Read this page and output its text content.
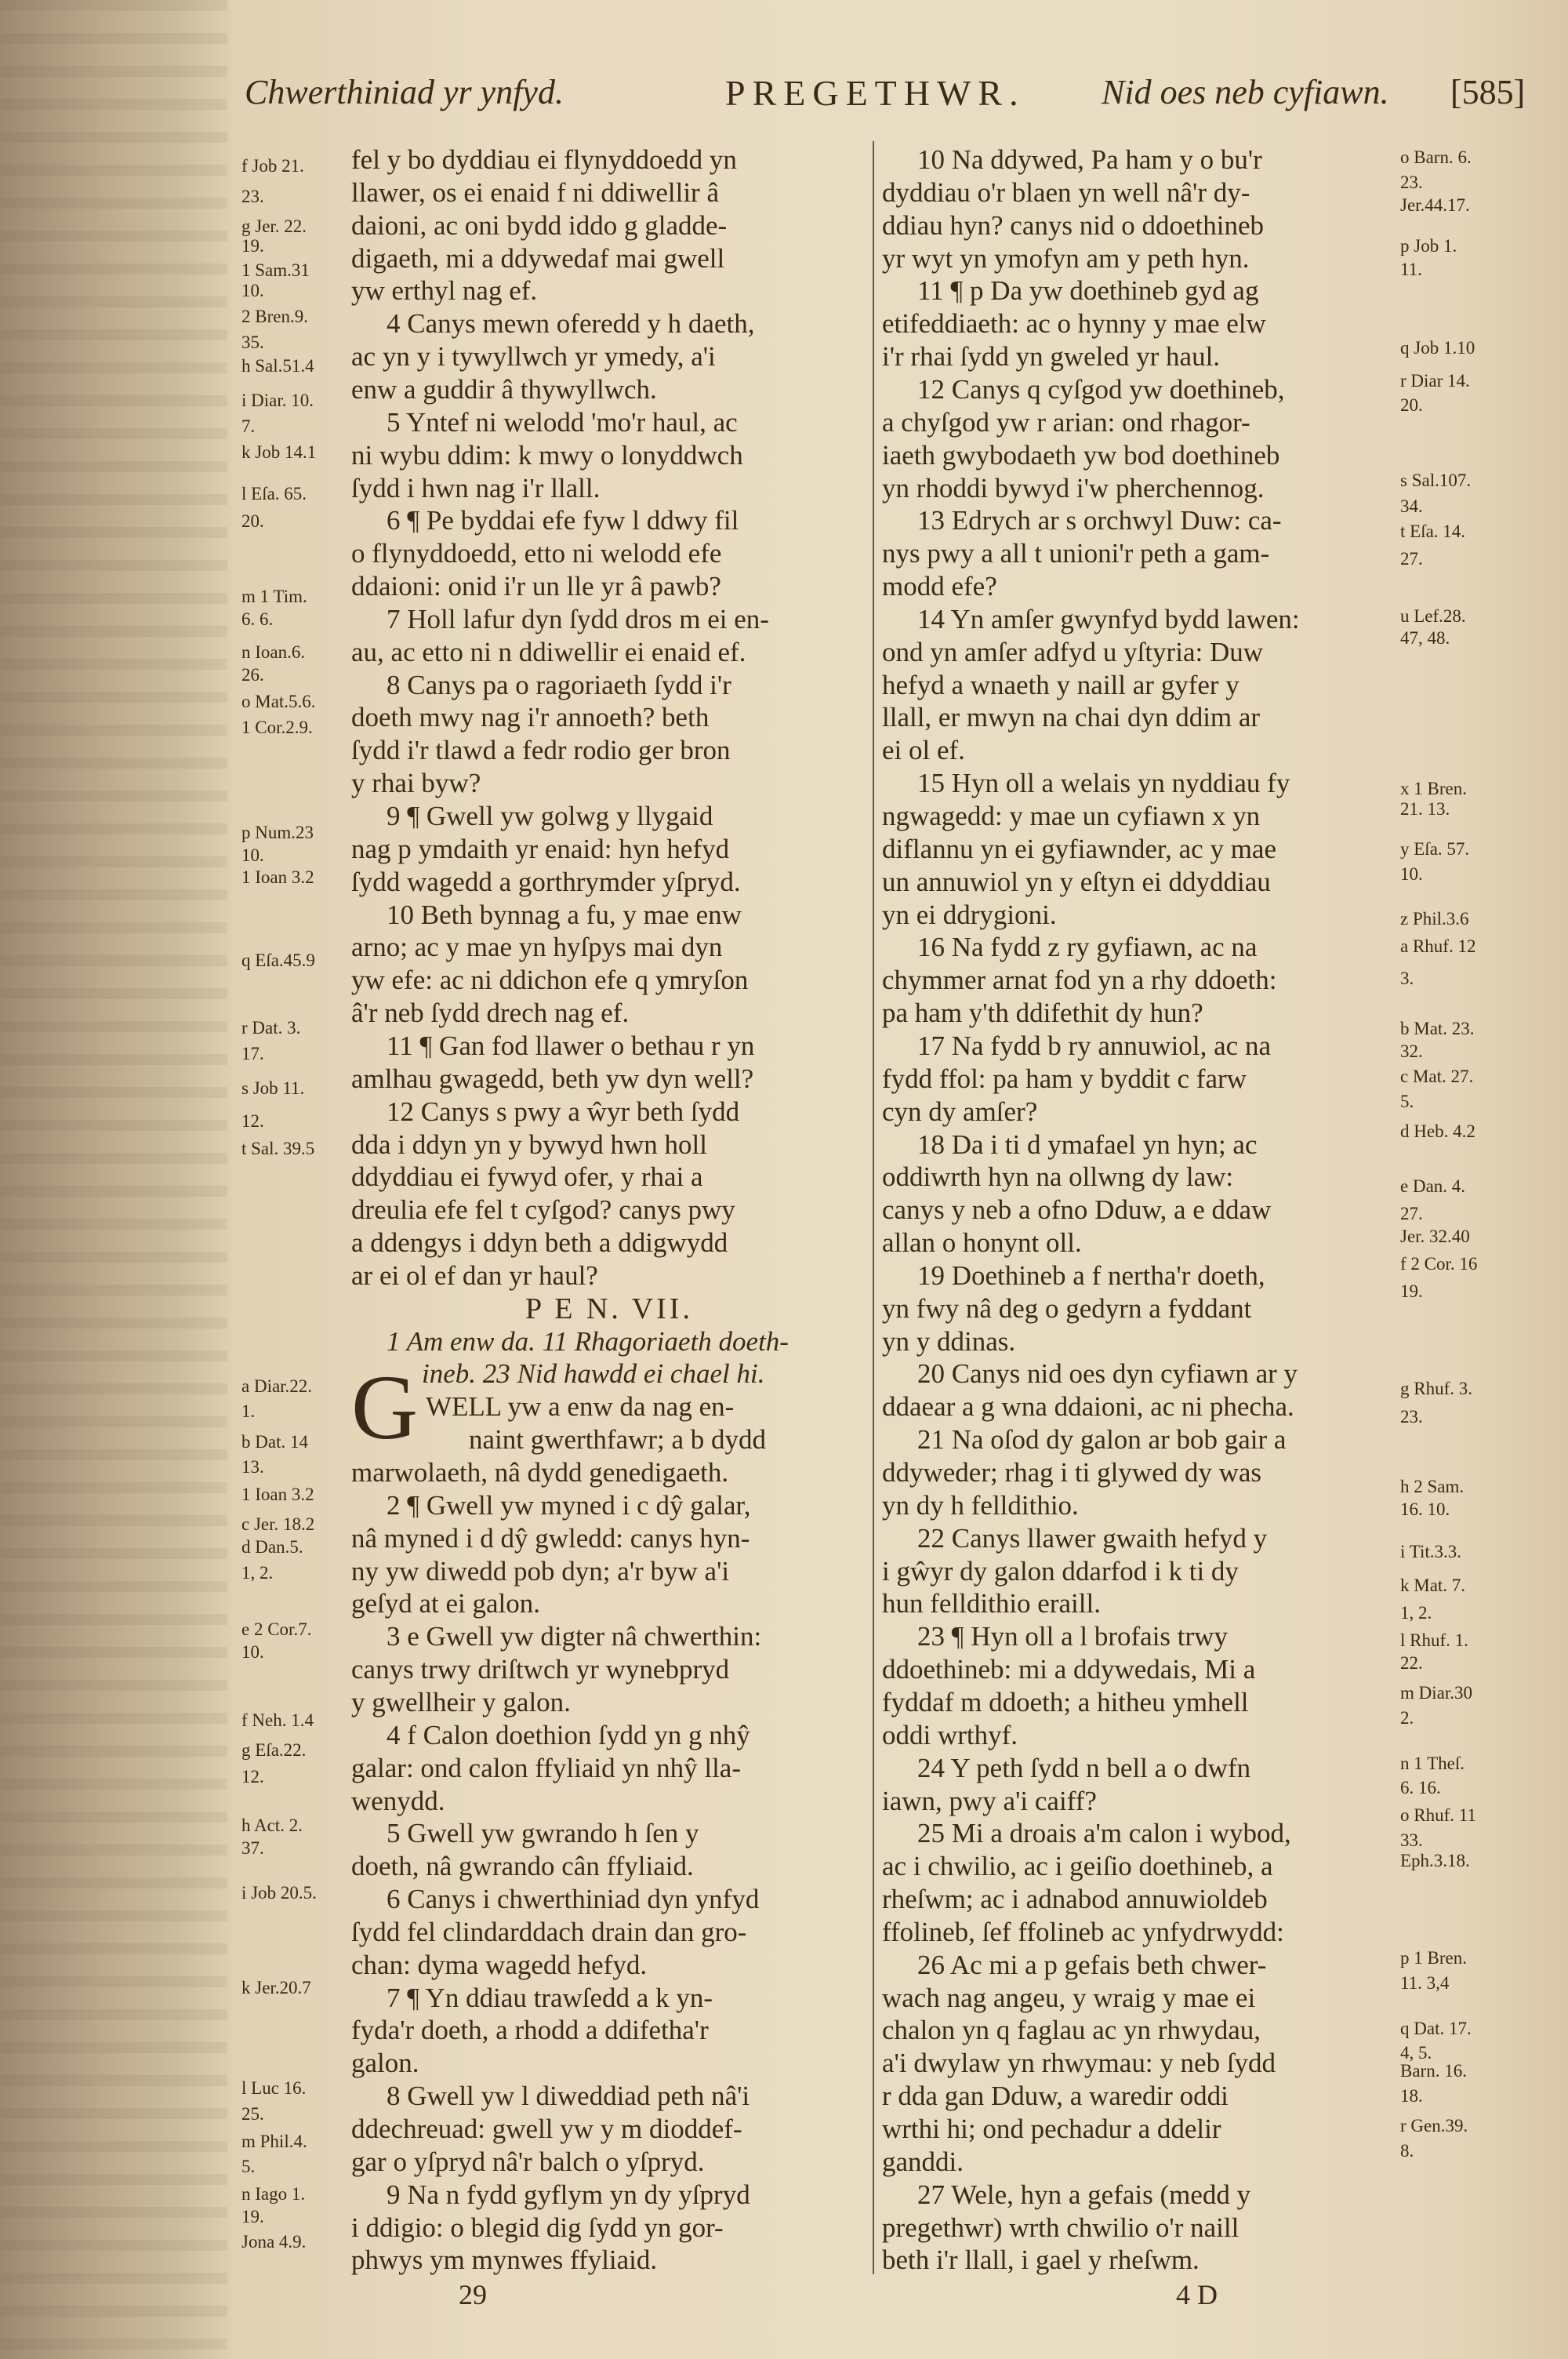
Chwerthiniad yr ynfyd.	PREGETHWR. Nid oes neb cyfiawn. [585]
fel y bo dyddiau ei flynyddoedd yn
llawer, os ei enaid f ni ddiwellir â
daioni, ac oni bydd iddo g gladde-
digaeth, mi a ddywedaf mai gwell
yw erthyl nag ef.
4 Canys mewn oferedd y h daeth,
ac yn y i tywyllwch yr ymedy, a'i
enw a guddir â thywyllwch.
5 Yntef ni welodd 'mo'r haul, ac
ni wybu ddim: k mwy o lonyddwch
ſydd i hwn nag i'r llall.
6 ¶ Pe byddai efe fyw l ddwy fil
o flynyddoedd, etto ni welodd efe
ddaioni: onid i'r un lle yr â pawb?
7 Holl lafur dyn ſydd dros m ei en-
au, ac etto ni n ddiwellir ei enaid ef.
8 Canys pa o ragoriaeth ſydd i'r
doeth mwy nag i'r annoeth? beth
ſydd i'r tlawd a fedr rodio ger bron
y rhai byw?
9 ¶ Gwell yw golwg y llygaid
nag p ymdaith yr enaid: hyn hefyd
ſydd wagedd a gorthrymder yſpryd.
10 Beth bynnag a fu, y mae enw
arno; ac y mae yn hyſpys mai dyn
yw efe: ac ni ddichon efe q ymryſon
â'r neb ſydd drech nag ef.
11 ¶ Gan fod llawer o bethau r yn
amlhau gwagedd, beth yw dyn well?
12 Canys s pwy a ŵyr beth ſydd
dda i ddyn yn y bywyd hwn holl
ddyddiau ei fywyd ofer, y rhai a
dreulia efe fel t cyſgod? canys pwy
a ddengys i ddyn beth a ddigwydd
ar ei ol ef dan yr haul?
P E N. VII.
1 Am enw da. 11 Rhagoriaeth doeth-
ineb. 23 Nid hawdd ei chael hi.
WELL yw a enw da nag en-
naint gwerthfawr; a b dydd
marwolaeth, nâ dydd genedigaeth.
2 ¶ Gwell yw myned i c dŷ galar,
nâ myned i d dŷ gwledd: canys hyn-
ny yw diwedd pob dyn; a'r byw a'i
geſyd at ei galon.
3 e Gwell yw digter nâ chwerthin:
canys trwy driſtwch yr wynebpryd
y gwellheir y galon.
4 f Calon doethion ſydd yn g nhŷ
galar: ond calon ffyliaid yn nhŷ lla-
wenydd.
5 Gwell yw gwrando h ſen y
doeth, nâ gwrando cân ffyliaid.
6 Canys i chwerthiniad dyn ynfyd
ſydd fel clindarddach drain dan gro-
chan: dyma wagedd hefyd.
7 ¶ Yn ddiau trawſedd a k yn-
fyda'r doeth, a rhodd a ddifetha'r
galon.
8 Gwell yw l diweddiad peth nâ'i
ddechreuad: gwell yw y m dioddef-
gar o yſpryd nâ'r balch o yſpryd.
9 Na n fydd gyflym yn dy yſpryd
i ddigio: o blegid dig ſydd yn gor-
phwys ym mynwes ffyliaid.
f Job 21.
23.
g Jer. 22.
19.
1 Sam.31
10.
2 Bren.9.
35.
h Sal.51.4
i Diar. 10.
7.
k Job 14.1
l Eſa. 65.
20.
m 1 Tim.
6. 6.
n Ioan.6.
26.
o Mat.5.6.
1 Cor.2.9.
p Num.23
10.
1 Ioan 3.2
q Eſa.45.9
r Dat. 3.
17.
s Job 11.
12.
t Sal. 39.5
a Diar.22.
1.
b Dat. 14
13.
1 Ioan 3.2
c Jer. 18.2
d Dan.5.
1, 2.
e 2 Cor.7.
10.
f Neh. 1.4
g Eſa.22.
12.
h Act. 2.
37.
i Job 20.5.
k Jer.20.7
l Luc 16.
25.
m Phil.4.
5.
n Iago 1.
19.
Jona 4.9.
10 Na ddywed, Pa ham y o bu'r
dyddiau o'r blaen yn well nâ'r dy-
ddiau hyn? canys nid o ddoethineb
yr wyt yn ymofyn am y peth hyn.
11 ¶ p Da yw doethineb gyd ag
etifeddiaeth: ac o hynny y mae elw
i'r rhai ſydd yn gweled yr haul.
12 Canys q cyſgod yw doethineb,
a chyſgod yw r arian: ond rhagor-
iaeth gwybodaeth yw bod doethineb
yn rhoddi bywyd i'w pherchennog.
13 Edrych ar s orchwyl Duw: ca-
nys pwy a all t unioni'r peth a gam-
modd efe?
14 Yn amſer gwynfyd bydd lawen:
ond yn amſer adfyd u yſtyria: Duw
hefyd a wnaeth y naill ar gyfer y
llall, er mwyn na chai dyn ddim ar
ei ol ef.
15 Hyn oll a welais yn nyddiau fy
ngwagedd: y mae un cyfiawn x yn
diflannu yn ei gyfiawnder, ac y mae
un annuwiol yn y eſtyn ei ddyddiau
yn ei ddrygioni.
16 Na fydd z ry gyfiawn, ac na
chymmer arnat fod yn a rhy ddoeth:
pa ham y'th ddifethit dy hun?
17 Na fydd b ry annuwiol, ac na
fydd ffol: pa ham y byddit c farw
cyn dy amſer?
18 Da i ti d ymafael yn hyn; ac
oddiwrth hyn na ollwng dy law:
canys y neb a ofno Dduw, a e ddaw
allan o honynt oll.
19 Doethineb a f nertha'r doeth,
yn fwy nâ deg o gedyrn a fyddant
yn y ddinas.
20 Canys nid oes dyn cyfiawn ar y
ddaear a g wna ddaioni, ac ni phecha.
21 Na oſod dy galon ar bob gair a
ddyweder; rhag i ti glywed dy was
yn dy h felldithio.
22 Canys llawer gwaith hefyd y
i gŵyr dy galon ddarfod i k ti dy
hun felldithio eraill.
23 ¶ Hyn oll a l brofais trwy
ddoethineb: mi a ddywedais, Mi a
fyddaf m ddoeth; a hitheu ymhell
oddi wrthyf.
24 Y peth ſydd n bell a o dwfn
iawn, pwy a'i caiff?
25 Mi a droais a'm calon i wybod,
ac i chwilio, ac i geiſio doethineb, a
rheſwm; ac i adnabod annuwioldeb
ffolineb, ſef ffolineb ac ynfydrwydd:
26 Ac mi a p gefais beth chwer-
wach nag angeu, y wraig y mae ei
chalon yn q faglau ac yn rhwydau,
a'i dwylaw yn rhwymau: y neb ſydd
r dda gan Dduw, a waredir oddi
wrthi hi; ond pechadur a ddelir
ganddi.
27 Wele, hyn a gefais (medd y
pregethwr) wrth chwilio o'r naill
beth i'r llall, i gael y rheſwm.
o Barn. 6.
23.
Jer.44.17.
p Job 1.
11.
q Job 1.10
r Diar 14.
20.
s Sal.107.
34.
t Eſa. 14.
27.
u Lef.28.
47, 48.
x 1 Bren.
21. 13.
y Eſa. 57.
10.
z Phil.3.6
a Rhuf. 12
3.
b Mat. 23.
32.
c Mat. 27.
5.
d Heb. 4.2
e Dan. 4.
27.
Jer. 32.40
f 2 Cor. 16
19.
g Rhuf. 3.
23.
h 2 Sam.
16. 10.
i Tit.3.3.
k Mat. 7.
1, 2.
l Rhuf. 1.
22.
m Diar.30
2.
n 1 Theſ.
6. 16.
o Rhuf. 11
33.
Eph.3.18.
p 1 Bren.
11. 3,4
q Dat. 17.
4, 5.
Barn. 16.
18.
r Gen.39.
8.
G
29	4 D
